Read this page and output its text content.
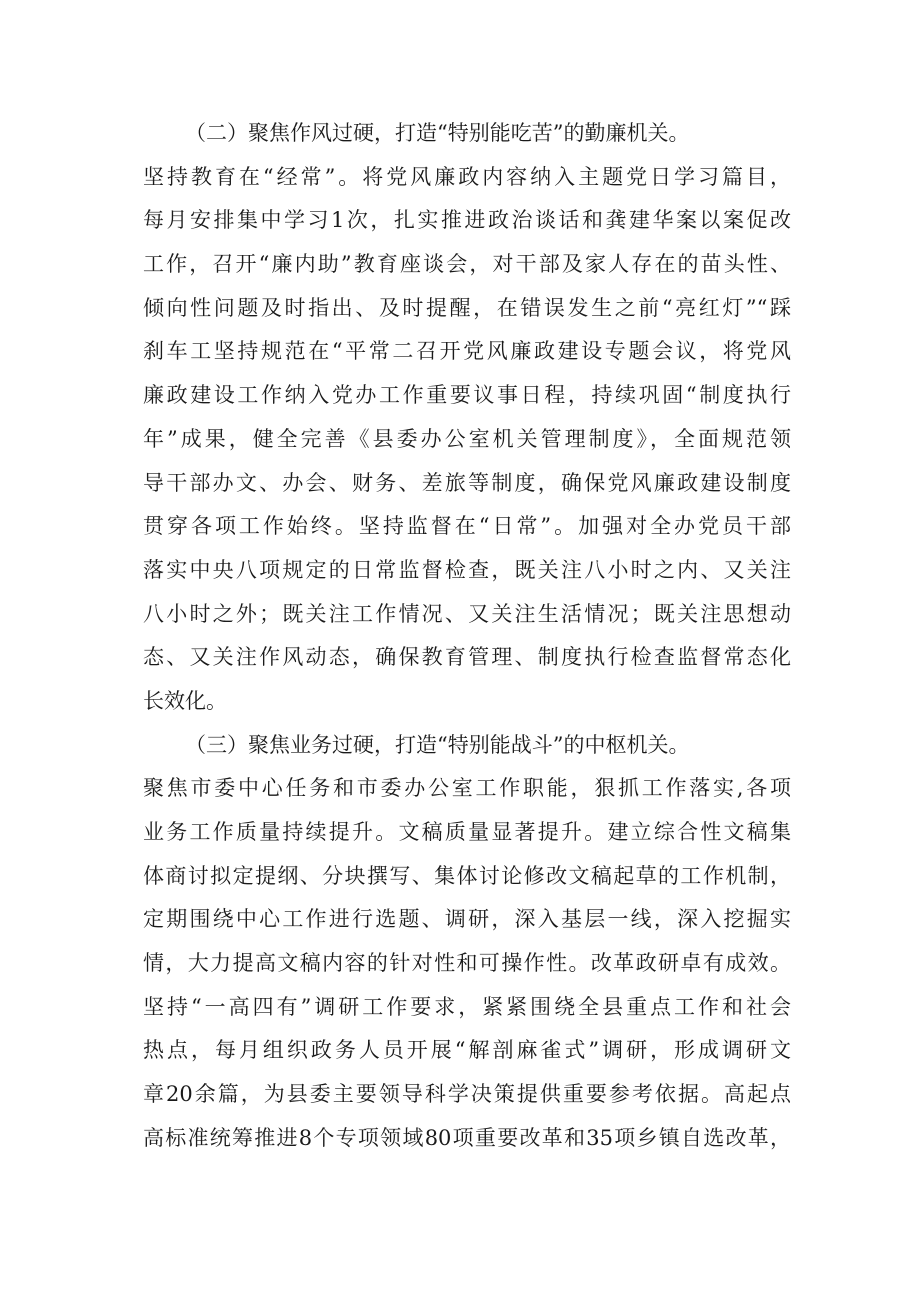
（二）聚焦作风过硬，打造“特别能吃苦”的勤廉机关。
坚持教育在“经常”。将党风廉政内容纳入主题党日学习篇目，
每月安排集中学习1次，扎实推进政治谈话和龚建华案以案促改
工作，召开“廉内助”教育座谈会，对干部及家人存在的苗头性、
倾向性问题及时指出、及时提醒，在错误发生之前“亮红灯”“踩
刹车工坚持规范在“平常二召开党风廉政建设专题会议，将党风
廉政建设工作纳入党办工作重要议事日程，持续巩固“制度执行
年”成果，健全完善《县委办公室机关管理制度》，全面规范领
导干部办文、办会、财务、差旅等制度，确保党风廉政建设制度
贯穿各项工作始终。坚持监督在“日常”。加强对全办党员干部
落实中央八项规定的日常监督检查，既关注八小时之内、又关注
八小时之外；既关注工作情况、又关注生活情况；既关注思想动
态、又关注作风动态，确保教育管理、制度执行检查监督常态化
长效化。
（三）聚焦业务过硬，打造“特别能战斗”的中枢机关。
聚焦市委中心任务和市委办公室工作职能，狠抓工作落实,各项
业务工作质量持续提升。文稿质量显著提升。建立综合性文稿集
体商讨拟定提纲、分块撰写、集体讨论修改文稿起草的工作机制，
定期围绕中心工作进行选题、调研，深入基层一线，深入挖掘实
情，大力提高文稿内容的针对性和可操作性。改革政研卓有成效。
坚持“一高四有”调研工作要求，紧紧围绕全县重点工作和社会
热点，每月组织政务人员开展“解剖麻雀式”调研，形成调研文
章20余篇，为县委主要领导科学决策提供重要参考依据。高起点
高标准统筹推进8个专项领域80项重要改革和35项乡镇自选改革，
